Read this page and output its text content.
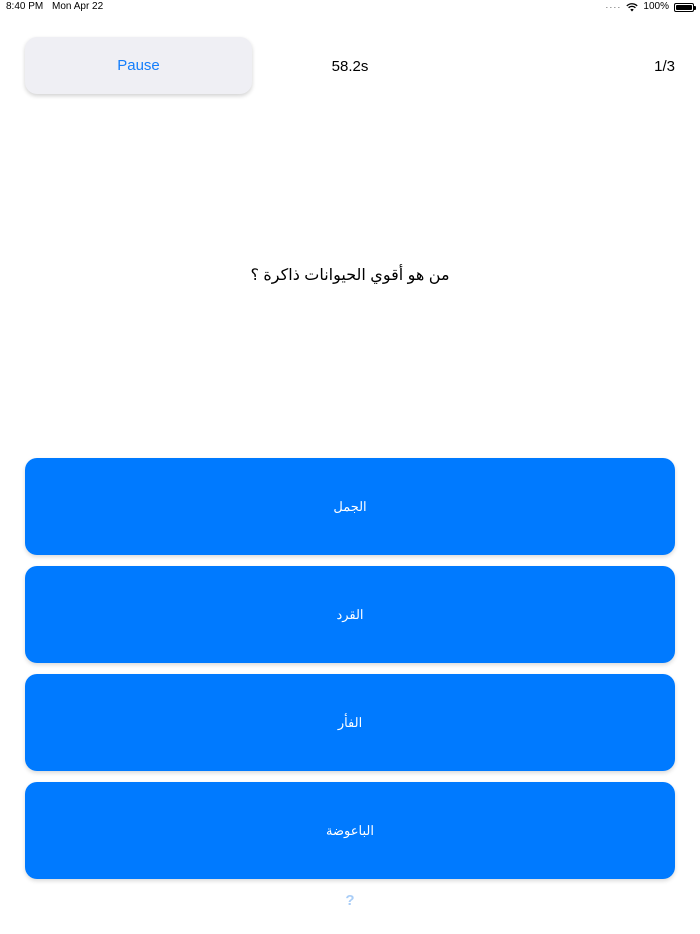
8:40 PM Mon Apr 22	···· 100%
Pause	58.2s	1/3
من هو أقوي الحيوانات ذاكرة ؟
الجمل
القرد
الفأر
الباعوضة
?
